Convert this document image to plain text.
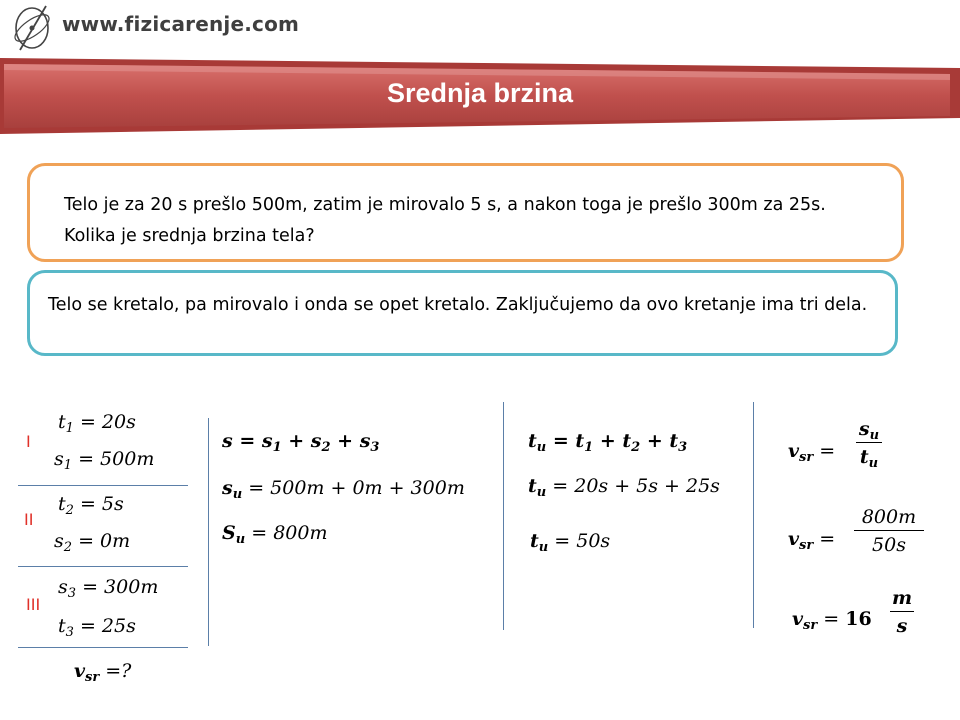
www.fizicarenje.com
Srednja brzina
Telo je za 20 s prešlo 500m, zatim je mirovalo 5 s, a nakon toga je prešlo 300m za 25s. Kolika je srednja brzina tela?
Telo se kretalo, pa mirovalo i onda se opet kretalo. Zaključujemo da ovo kretanje ima tri dela.
I
$t_1 = 20s$
$s_1 = 500m$
II
$t_2 = 5s$
$s_2 = 0m$
III
$s_3 = 300m$
$t_3 = 25s$
$v_{sr}$ =?
$s = s_1 + s_2 + s_3$
$s_u = 500m + 0m + 300m$
$S_u = 800m$
$t_u = t_1 + t_2 + t_3$
$t_u = 20s + 5s + 25s$
$t_u = 50s$
$v_{sr}$ =
$s_u$
$t_u$
$v_{sr}$ =
800m
50s
$v_{sr} = 16$
m
s
